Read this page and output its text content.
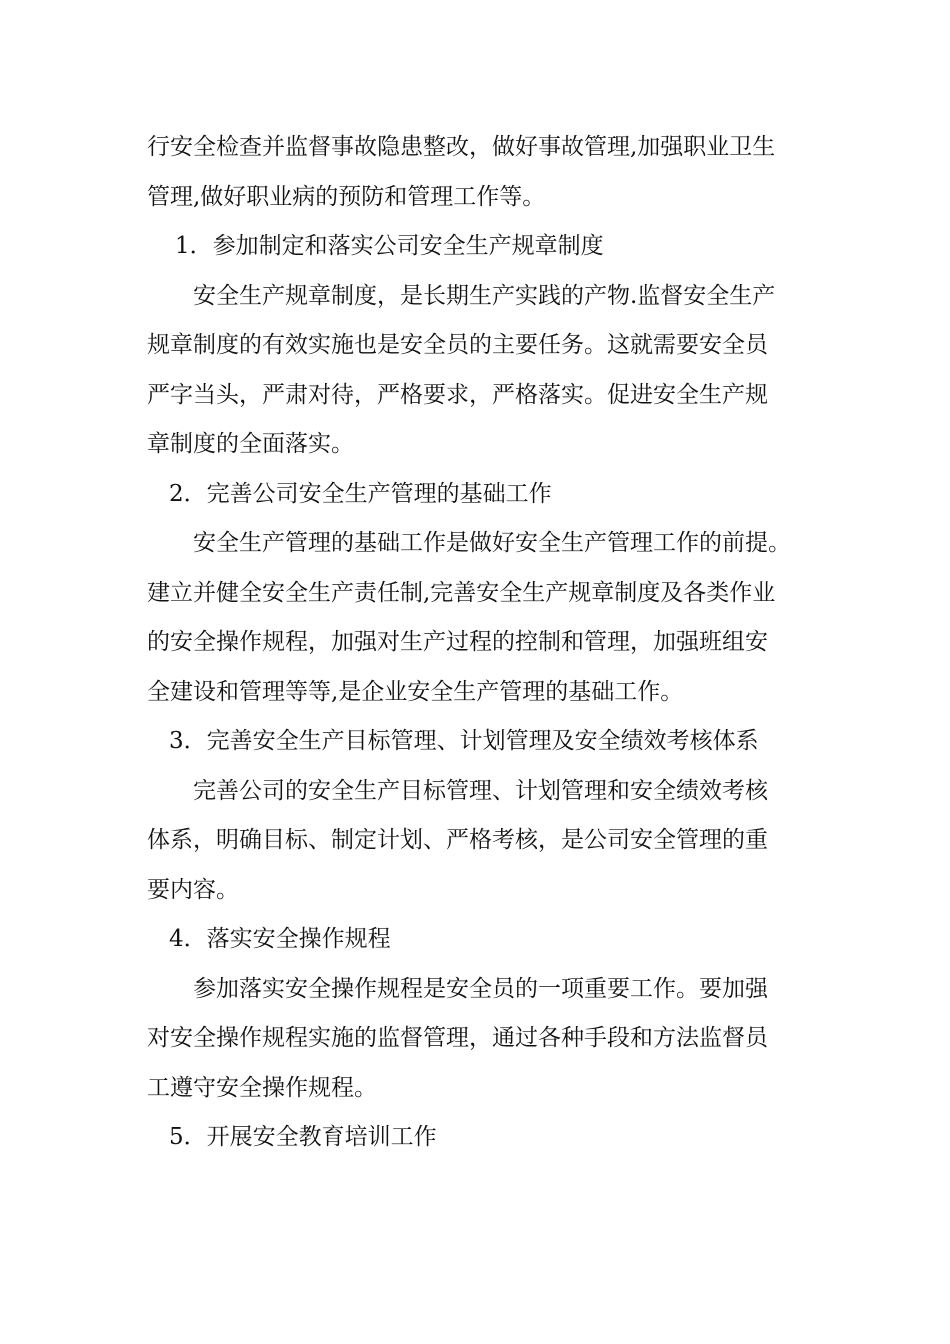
行安全检查并监督事故隐患整改，做好事故管理,加强职业卫生

管理,做好职业病的预防和管理工作等。

1．参加制定和落实公司安全生产规章制度

安全生产规章制度，是长期生产实践的产物.监督安全生产

规章制度的有效实施也是安全员的主要任务。这就需要安全员

严字当头，严肃对待，严格要求，严格落实。促进安全生产规

章制度的全面落实。

2．完善公司安全生产管理的基础工作

安全生产管理的基础工作是做好安全生产管理工作的前提。

建立并健全安全生产责任制,完善安全生产规章制度及各类作业

的安全操作规程，加强对生产过程的控制和管理，加强班组安

全建设和管理等等,是企业安全生产管理的基础工作。

3．完善安全生产目标管理、计划管理及安全绩效考核体系

完善公司的安全生产目标管理、计划管理和安全绩效考核

体系，明确目标、制定计划、严格考核，是公司安全管理的重

要内容。

4．落实安全操作规程

参加落实安全操作规程是安全员的一项重要工作。要加强

对安全操作规程实施的监督管理，通过各种手段和方法监督员

工遵守安全操作规程。

5．开展安全教育培训工作
